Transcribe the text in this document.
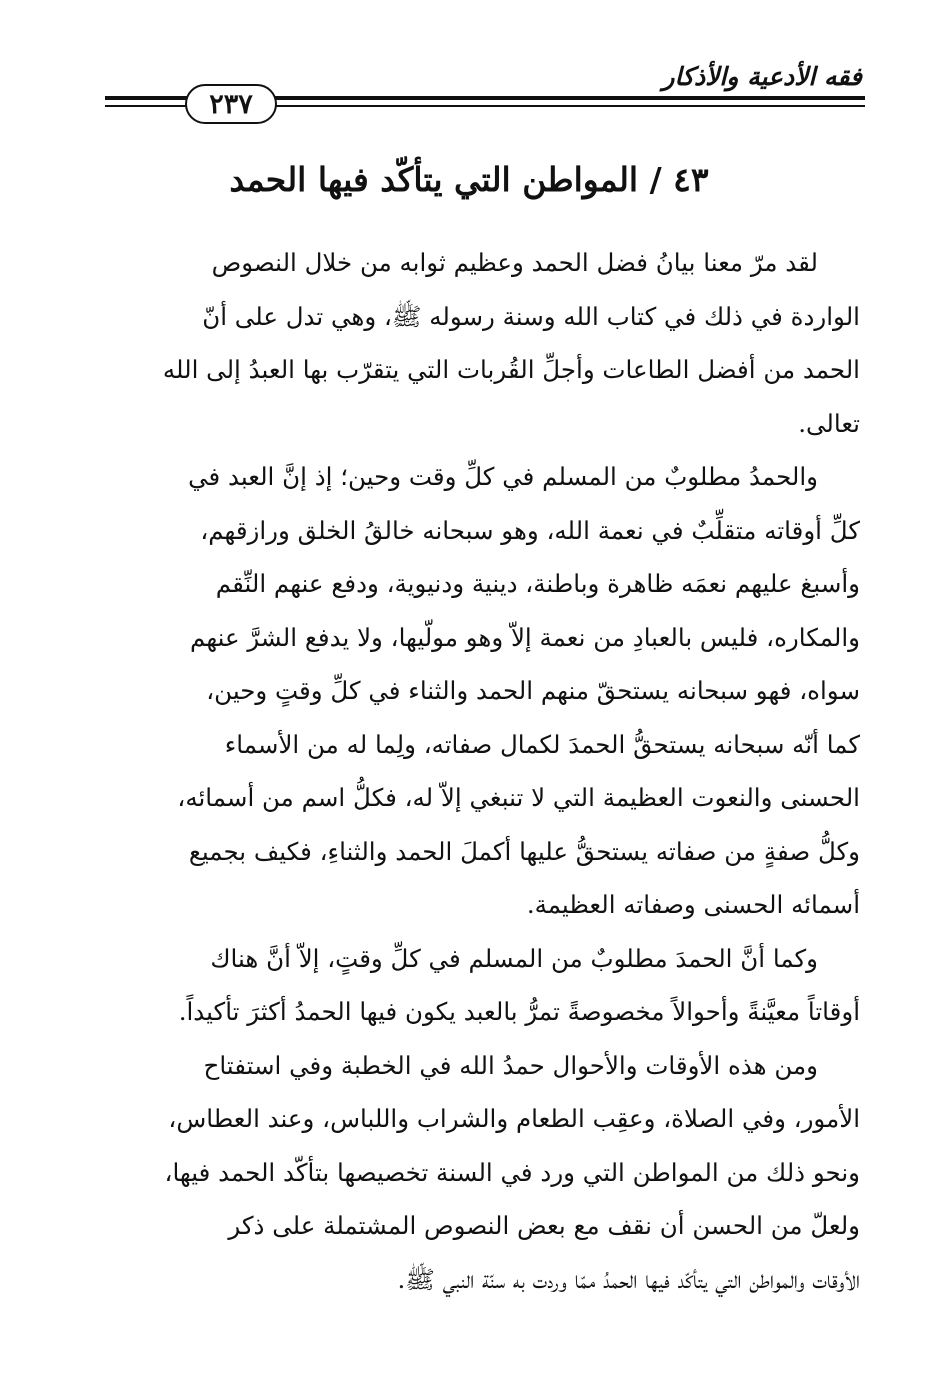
فقه الأدعية والأذكار
٢٣٧
٤٣ / المواطن التي يتأكّد فيها الحمد
لقد مرّ معنا بيانُ فضل الحمد وعظيم ثوابه من خلال النصوص
الواردة في ذلك في كتاب الله وسنة رسوله ﷺ، وهي تدل على أنّ
الحمد من أفضل الطاعات وأجلِّ القُربات التي يتقرّب بها العبدُ إلى الله
تعالى.
والحمدُ مطلوبٌ من المسلم في كلِّ وقت وحين؛ إذ إنَّ العبد في
كلِّ أوقاته متقلِّبٌ في نعمة الله، وهو سبحانه خالقُ الخلق ورازقهم،
وأسبغ عليهم نعمَه ظاهرة وباطنة، دينية ودنيوية، ودفع عنهم النِّقم
والمكاره، فليس بالعبادِ من نعمة إلاّ وهو مولّيها، ولا يدفع الشرَّ عنهم
سواه، فهو سبحانه يستحقّ منهم الحمد والثناء في كلِّ وقتٍ وحين،
كما أنّه سبحانه يستحقُّ الحمدَ لكمال صفاته، ولِما له من الأسماء
الحسنى والنعوت العظيمة التي لا تنبغي إلاّ له، فكلُّ اسم من أسمائه،
وكلُّ صفةٍ من صفاته يستحقُّ عليها أكملَ الحمد والثناءِ، فكيف بجميع
أسمائه الحسنى وصفاته العظيمة.
وكما أنَّ الحمدَ مطلوبٌ من المسلم في كلِّ وقتٍ، إلاّ أنَّ هناك
أوقاتاً معيَّنةً وأحوالاً مخصوصةً تمرُّ بالعبد يكون فيها الحمدُ أكثرَ تأكيداً.
ومن هذه الأوقات والأحوال حمدُ الله في الخطبة وفي استفتاح
الأمور، وفي الصلاة، وعقِب الطعام والشراب واللباس، وعند العطاس،
ونحو ذلك من المواطن التي ورد في السنة تخصيصها بتأكّد الحمد فيها،
ولعلّ من الحسن أن نقف مع بعض النصوص المشتملة على ذكر
الأوقات والمواطن التي يتأكّد فيها الحمدُ ممّا وردت به سنّة النبي ﷺ.
